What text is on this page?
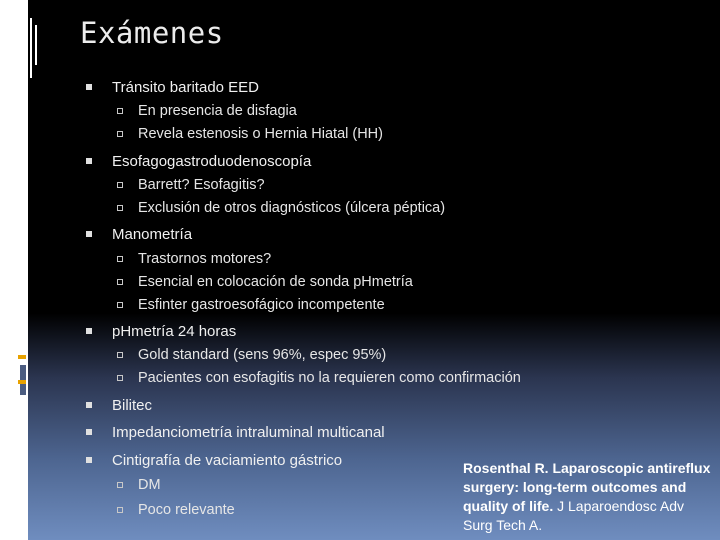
Exámenes
Tránsito baritado EED
En presencia de disfagia
Revela estenosis o Hernia Hiatal (HH)
Esofagogastroduodenoscopía
Barrett? Esofagitis?
Exclusión de otros diagnósticos (úlcera péptica)
Manometría
Trastornos motores?
Esencial en colocación de sonda pHmetría
Esfinter gastroesofágico incompetente
pHmetría 24 horas
Gold standard (sens 96%, espec 95%)
Pacientes con esofagitis no la requieren como confirmación
Bilitec
Impedanciometría intraluminal multicanal
Cintigrafía de vaciamiento gástrico
DM
Poco relevante
Rosenthal R. Laparoscopic antireflux surgery: long-term outcomes and quality of life. J Laparoendosc Adv Surg Tech A.
